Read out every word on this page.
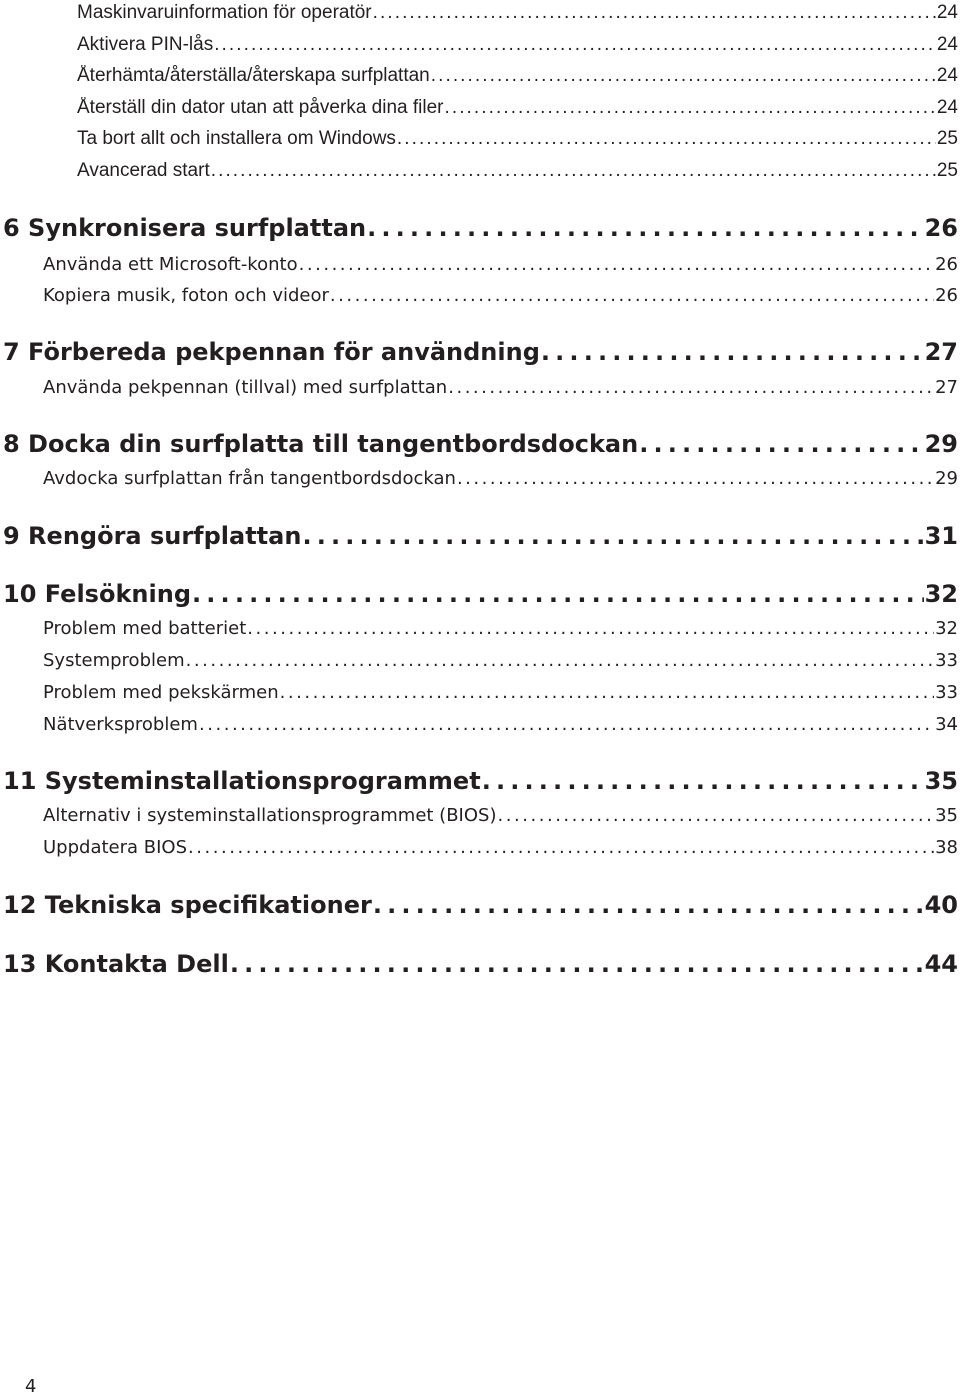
Maskinvaruinformation för operatör . . .	24
Aktivera PIN-lås . . .	24
Återhämta/återställa/återskapa surfplattan . . .	24
Återställ din dator utan att påverka dina filer . . .	24
Ta bort allt och installera om Windows . . .	25
Avancerad start . . .	25
6 Synkronisera surfplattan . . .	26
Använda ett Microsoft-konto . . .	26
Kopiera musik, foton och videor . . .	26
7 Förbereda pekpennan för användning . . .	27
Använda pekpennan (tillval) med surfplattan . . .	27
8 Docka din surfplatta till tangentbordsdockan . . .	29
Avdocka surfplattan från tangentbordsdockan . . .	29
9 Rengöra surfplattan . . .	31
10 Felsökning . . .	32
Problem med batteriet . . .	32
Systemproblem . . .	33
Problem med pekskärmen . . .	33
Nätverksproblem . . .	34
11 Systeminstallationsprogrammet . . .	35
Alternativ i systeminstallationsprogrammet (BIOS) . . .	35
Uppdatera BIOS . . .	38
12 Tekniska specifikationer . . .	40
13 Kontakta Dell . . .	44
4
